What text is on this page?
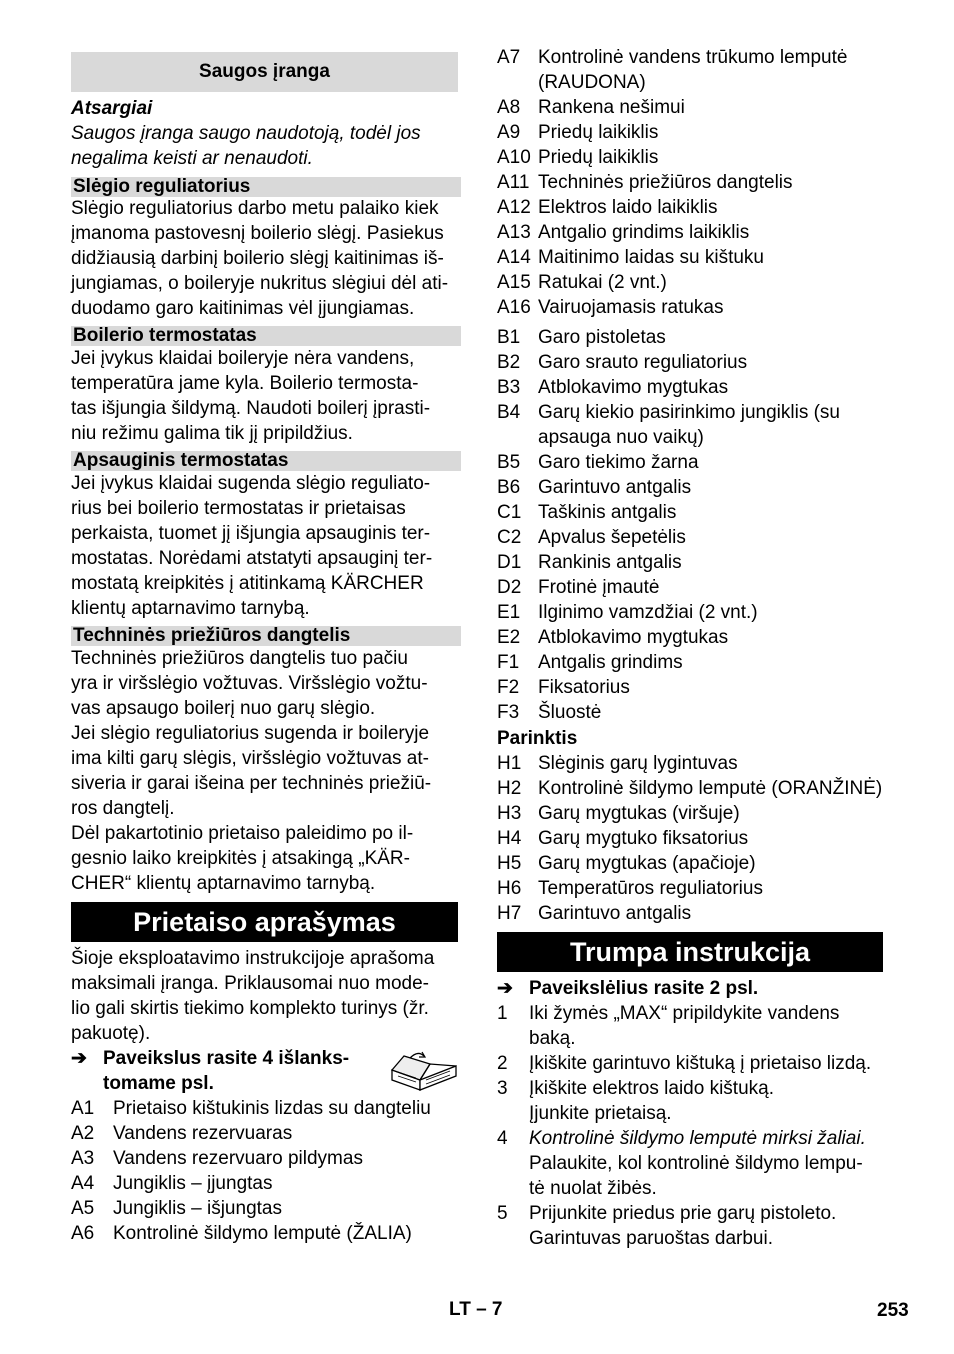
Saugos įranga
Atsargiai
Saugos įranga saugo naudotoją, todėl jos
negalima keisti ar nenaudoti.
Slėgio reguliatorius
Slėgio reguliatorius darbo metu palaiko kiek
įmanoma pastovesnį boilerio slėgį. Pasiekus
didžiausią darbinį boilerio slėgį kaitinimas iš-
jungiamas, o boileryje nukritus slėgiui dėl ati-
duodamo garo kaitinimas vėl įjungiamas.
Boilerio termostatas
Jei įvykus klaidai boileryje nėra vandens,
temperatūra jame kyla. Boilerio termosta-
tas išjungia šildymą. Naudoti boilerį įprasti-
niu režimu galima tik jį pripildžius.
Apsauginis termostatas
Jei įvykus klaidai sugenda slėgio reguliato-
rius bei boilerio termostatas ir prietaisas
perkaista, tuomet jį išjungia apsauginis ter-
mostatas. Norėdami atstatyti apsauginį ter-
mostatą kreipkitės į atitinkamą KÄRCHER
klientų aptarnavimo tarnybą.
Techninės priežiūros dangtelis
Techninės priežiūros dangtelis tuo pačiu
yra ir viršslėgio vožtuvas. Viršslėgio vožtu-
vas apsaugo boilerį nuo garų slėgio.
Jei slėgio reguliatorius sugenda ir boileryje
ima kilti garų slėgis, viršslėgio vožtuvas at-
siveria ir garai išeina per techninės priežiū-
ros dangtelį.
Dėl pakartotinio prietaiso paleidimo po il-
gesnio laiko kreipkitės į atsakingą „KÄR-
CHER“ klientų aptarnavimo tarnybą.
Prietaiso aprašymas
Šioje eksploatavimo instrukcijoje aprašoma
maksimali įranga. Priklausomai nuo mode-
lio gali skirtis tiekimo komplekto turinys (žr.
pakuotę).
➔ Paveikslus rasite 4 išlanks-
tomame psl.
A1 Prietaiso kištukinis lizdas su dangteliu
A2 Vandens rezervuaras
A3 Vandens rezervuaro pildymas
A4 Jungiklis – įjungtas
A5 Jungiklis – išjungtas
A6 Kontrolinė šildymo lemputė (ŽALIA)
A7 Kontrolinė vandens trūkumo lemputė
(RAUDONA)
A8 Rankena nešimui
A9 Priedų laikiklis
A10 Priedų laikiklis
A11 Techninės priežiūros dangtelis
A12 Elektros laido laikiklis
A13 Antgalio grindims laikiklis
A14 Maitinimo laidas su kištuku
A15 Ratukai (2 vnt.)
A16 Vairuojamasis ratukas
B1 Garo pistoletas
B2 Garo srauto reguliatorius
B3 Atblokavimo mygtukas
B4 Garų kiekio pasirinkimo jungiklis (su
apsauga nuo vaikų)
B5 Garo tiekimo žarna
B6 Garintuvo antgalis
C1 Taškinis antgalis
C2 Apvalus šepetėlis
D1 Rankinis antgalis
D2 Frotinė įmautė
E1 Ilginimo vamzdžiai (2 vnt.)
E2 Atblokavimo mygtukas
F1 Antgalis grindims
F2 Fiksatorius
F3 Šluostė
Parinktis
H1 Slėginis garų lygintuvas
H2 Kontrolinė šildymo lemputė (ORANŽINĖ)
H3 Garų mygtukas (viršuje)
H4 Garų mygtuko fiksatorius
H5 Garų mygtukas (apačioje)
H6 Temperatūros reguliatorius
H7 Garintuvo antgalis
Trumpa instrukcija
➔ Paveikslėlius rasite 2 psl.
1	Iki žymės „MAX“ pripildykite vandens
baką.
2	Įkiškite garintuvo kištuką į prietaiso lizdą.
3	Įkiškite elektros laido kištuką.
Įjunkite prietaisą.
4	Kontrolinė šildymo lemputė mirksi žaliai.
Palaukite, kol kontrolinė šildymo lempu-
tė nuolat žibės.
5	Prijunkite priedus prie garų pistoleto.
Garintuvas paruoštas darbui.
LT – 7	253
